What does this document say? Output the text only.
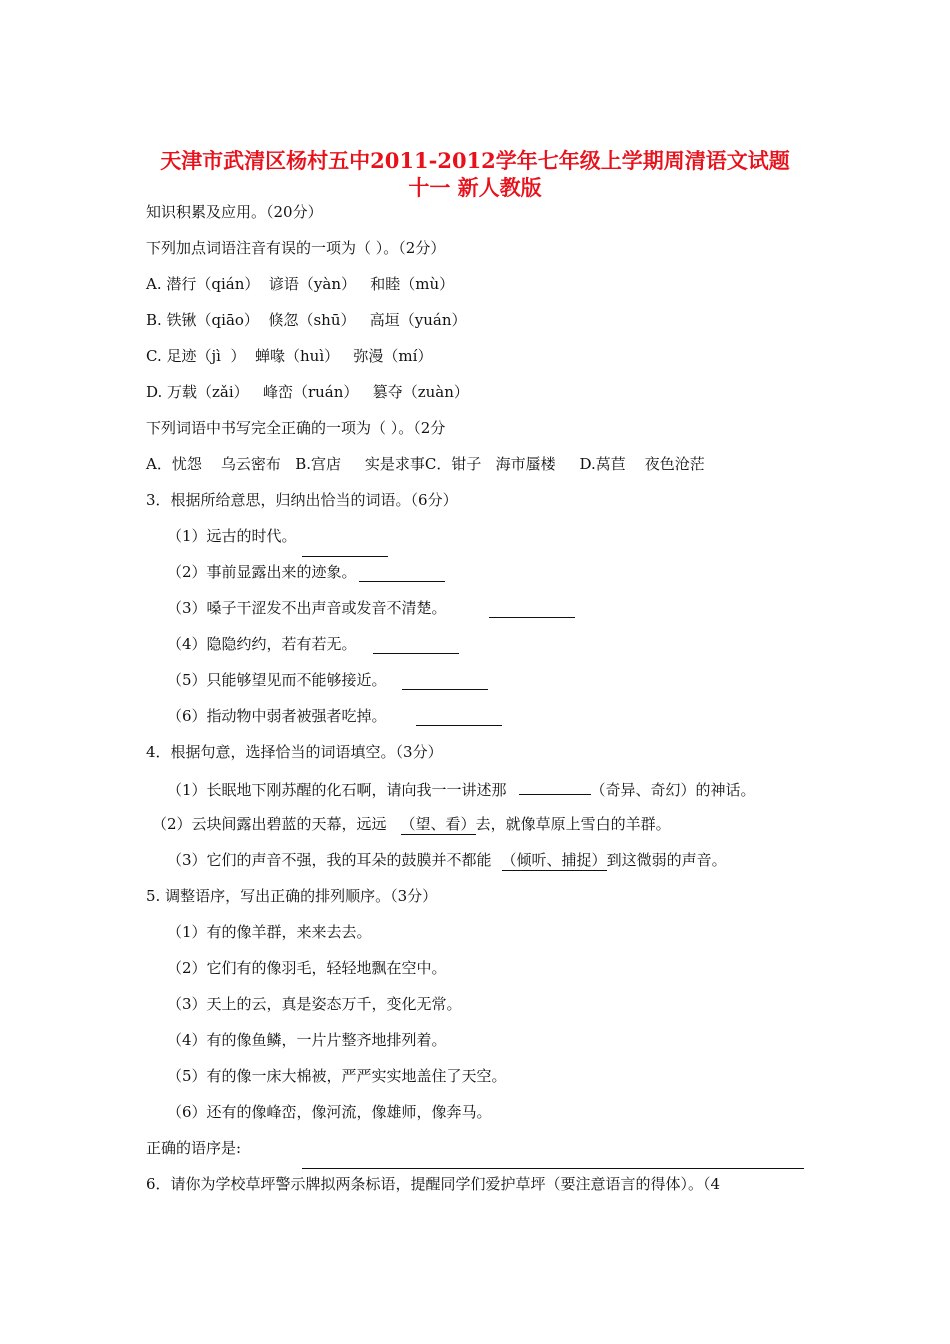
天津市武清区杨村五中2011-2012学年七年级上学期周清语文试题
十一 新人教版
知识积累及应用。（20分）
下列加点词语注音有误的一项为（ ）。（2分）
A. 潜行（qián）  谚语（yàn）   和睦（mù）
B. 铁锹（qiāo）  倏忽（shū）   高垣（yuán）
C. 足迹（jì  ）  蝉喙（huì）   弥漫（mí）
D. 万载（zǎi）   峰峦（ruán）   篡夺（zuàn）
下列词语中书写完全正确的一项为（ ）。（2分
A．忧怨    乌云密布   B.宫店     实是求事C．钳子   海市蜃楼     D.莴苣    夜色沧茫
3．根据所给意思，归纳出恰当的词语。（6分）
（1）远古的时代。
（2）事前显露出来的迹象。
（3）嗓子干涩发不出声音或发音不清楚。
（4）隐隐约约，若有若无。
（5）只能够望见而不能够接近。
（6）指动物中弱者被强者吃掉。
4．根据句意，选择恰当的词语填空。（3分）
（1）长眠地下刚苏醒的化石啊，请向我一一讲述那	（奇异、奇幻）的神话。
（2）云块间露出碧蓝的天幕，远远 （望、看）去，就像草原上雪白的羊群。
（3）它们的声音不强，我的耳朵的鼓膜并不都能 （倾听、捕捉）到这微弱的声音。
5. 调整语序，写出正确的排列顺序。（3分）
（1）有的像羊群，来来去去。
（2）它们有的像羽毛，轻轻地飘在空中。
（3）天上的云，真是姿态万千，变化无常。
（4）有的像鱼鳞，一片片整齐地排列着。
（5）有的像一床大棉被，严严实实地盖住了天空。
（6）还有的像峰峦，像河流，像雄师，像奔马。
正确的语序是:
6．请你为学校草坪警示牌拟两条标语，提醒同学们爱护草坪（要注意语言的得体）。（4
